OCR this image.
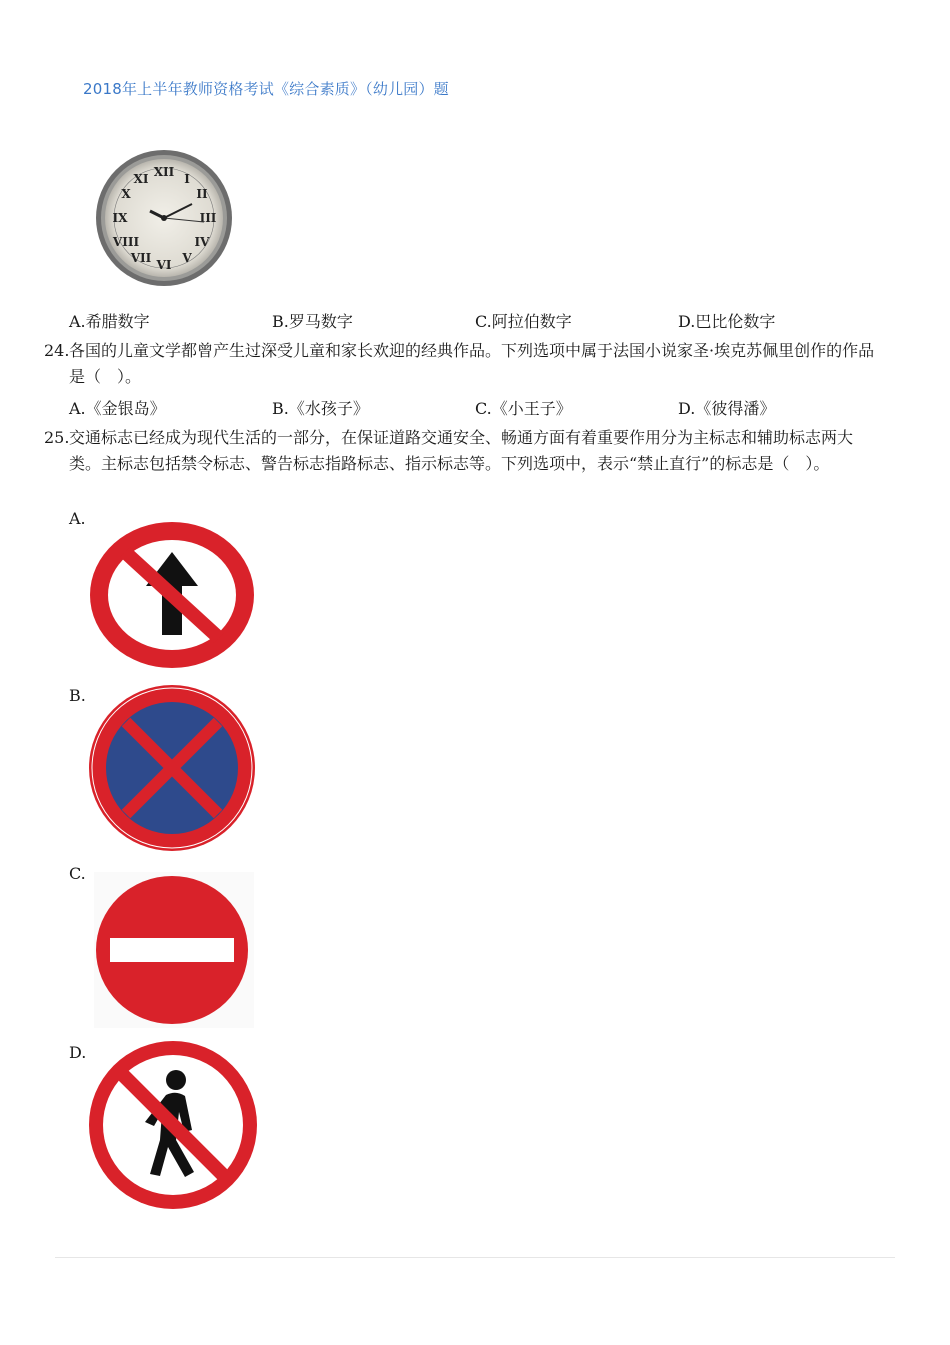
2018年上半年教师资格考试《综合素质》（幼儿园）题
XII I
II
III
IV
V
VI
VII
VIII
IX
X
XI
A.希腊数字	B.罗马数字	C.阿拉伯数字	D.巴比伦数字
24. 各国的儿童文学都曾产生过深受儿童和家长欢迎的经典作品。下列选项中属于法国小说家圣·埃克苏佩里创作的作品是（　）。
A.《金银岛》	B.《水孩子》	C.《小王子》	D.《彼得潘》
25. 交通标志已经成为现代生活的一部分，在保证道路交通安全、畅通方面有着重要作用分为主标志和辅助标志两大类。主标志包括禁令标志、警告标志指路标志、指示标志等。下列选项中，表示“禁止直行”的标志是（　）。
A.
B.
C.
D.
